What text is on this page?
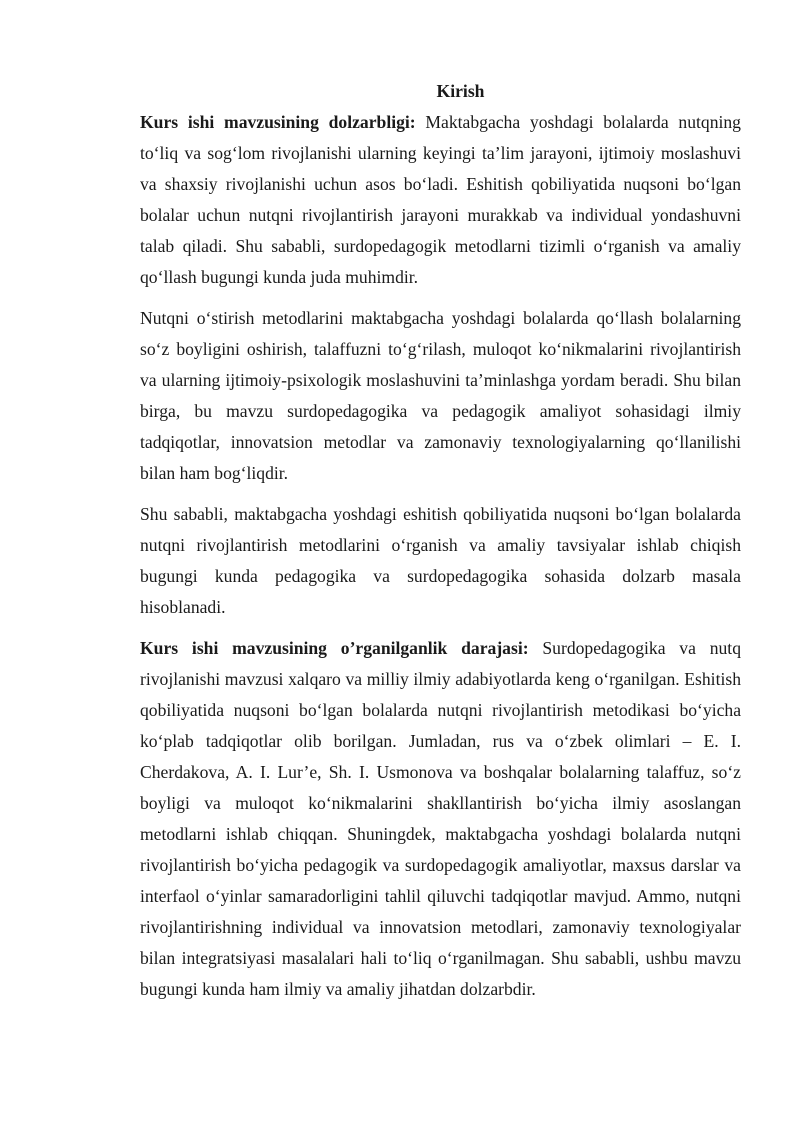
Kirish

Kurs ishi mavzusining dolzarbligi: Maktabgacha yoshdagi bolalarda nutqning to‘liq va sog‘lom rivojlanishi ularning keyingi ta’lim jarayoni, ijtimoiy moslashuvi va shaxsiy rivojlanishi uchun asos bo‘ladi. Eshitish qobiliyatida nuqsoni bo‘lgan bolalar uchun nutqni rivojlantirish jarayoni murakkab va individual yondashuvni talab qiladi. Shu sababli, surdopedagogik metodlarni tizimli o‘rganish va amaliy qo‘llash bugungi kunda juda muhimdir.

Nutqni o‘stirish metodlarini maktabgacha yoshdagi bolalarda qo‘llash bolalarning so‘z boyligini oshirish, talaffuzni to‘g‘rilash, muloqot ko‘nikmalarini rivojlantirish va ularning ijtimoiy-psixologik moslashuvini ta’minlashga yordam beradi. Shu bilan birga, bu mavzu surdopedagogika va pedagogik amaliyot sohasidagi ilmiy tadqiqotlar, innovatsion metodlar va zamonaviy texnologiyalarning qo‘llanilishi bilan ham bog‘liqdir.

Shu sababli, maktabgacha yoshdagi eshitish qobiliyatida nuqsoni bo‘lgan bolalarda nutqni rivojlantirish metodlarini o‘rganish va amaliy tavsiyalar ishlab chiqish bugungi kunda pedagogika va surdopedagogika sohasida dolzarb masala hisoblanadi.

Kurs ishi mavzusining o’rganilganlik darajasi: Surdopedagogika va nutq rivojlanishi mavzusi xalqaro va milliy ilmiy adabiyotlarda keng o‘rganilgan. Eshitish qobiliyatida nuqsoni bo‘lgan bolalarda nutqni rivojlantirish metodikasi bo‘yicha ko‘plab tadqiqotlar olib borilgan. Jumladan, rus va o‘zbek olimlari – E. I. Cherdakova, A. I. Lur’e, Sh. I. Usmonova va boshqalar bolalarning talaffuz, so‘z boyligi va muloqot ko‘nikmalarini shakllantirish bo‘yicha ilmiy asoslangan metodlarni ishlab chiqqan. Shuningdek, maktabgacha yoshdagi bolalarda nutqni rivojlantirish bo‘yicha pedagogik va surdopedagogik amaliyotlar, maxsus darslar va interfaol o‘yinlar samaradorligini tahlil qiluvchi tadqiqotlar mavjud. Ammo, nutqni rivojlantirishning individual va innovatsion metodlari, zamonaviy texnologiyalar bilan integratsiyasi masalalari hali to‘liq o‘rganilmagan. Shu sababli, ushbu mavzu bugungi kunda ham ilmiy va amaliy jihatdan dolzarbdir.
